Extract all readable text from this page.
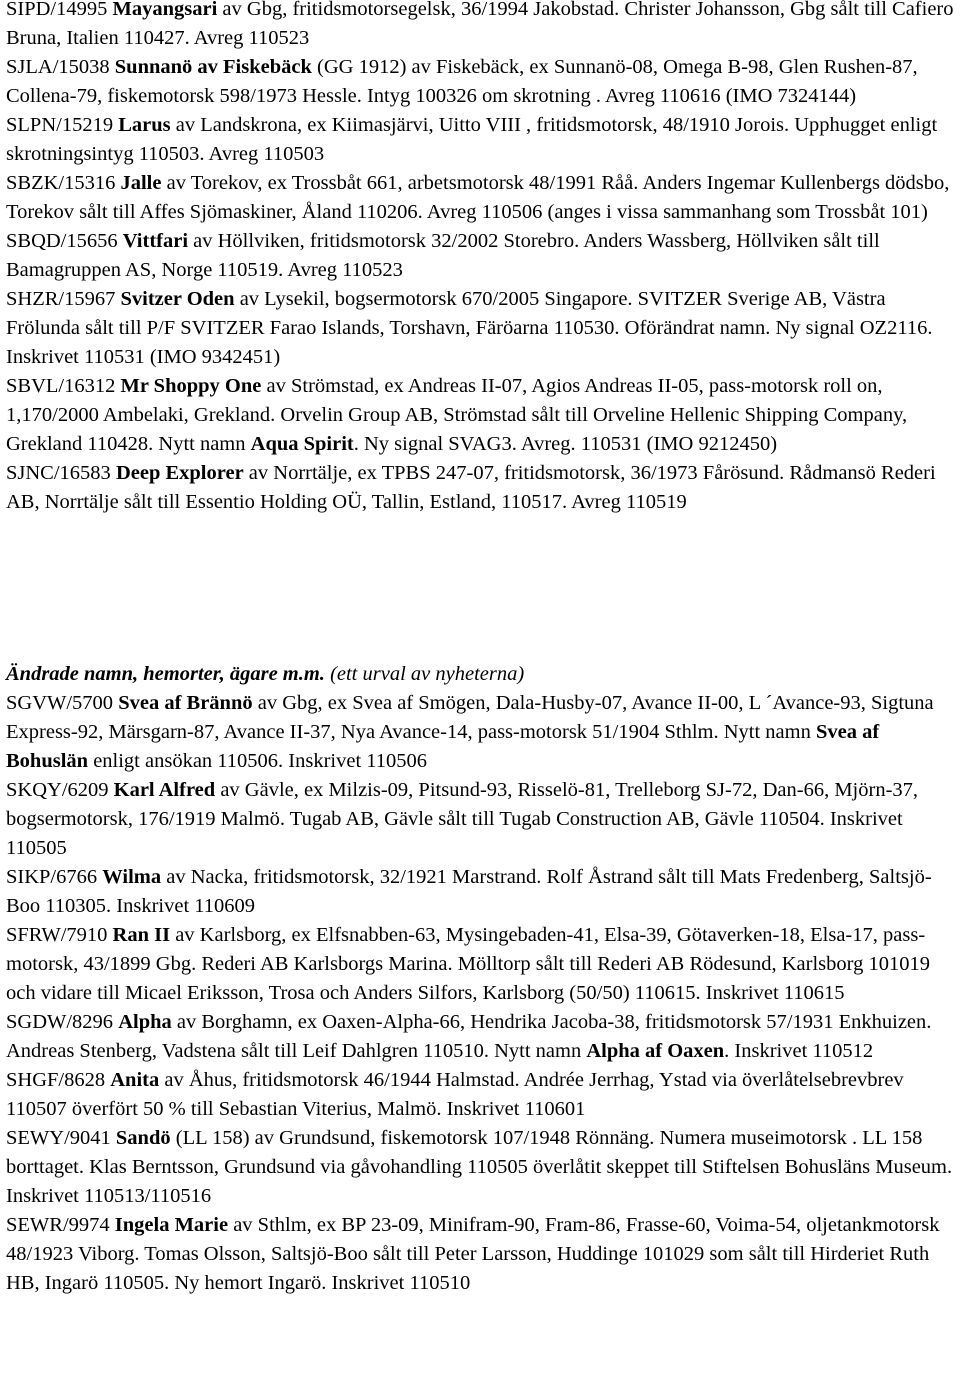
SIPD/14995 Mayangsari av Gbg, fritidsmotorsegelsk, 36/1994 Jakobstad. Christer Johansson, Gbg sålt till Cafiero Bruna, Italien 110427. Avreg 110523
SJLA/15038 Sunnanö av Fiskebäck (GG 1912) av Fiskebäck, ex Sunnanö-08, Omega B-98, Glen Rushen-87, Collena-79, fiskemotorsk 598/1973 Hessle. Intyg 100326 om skrotning . Avreg 110616 (IMO 7324144)
SLPN/15219 Larus av Landskrona, ex Kiimasjärvi, Uitto VIII , fritidsmotorsk, 48/1910 Jorois. Upphugget enligt skrotningsintyg 110503. Avreg 110503
SBZK/15316 Jalle av Torekov, ex Trossbåt 661, arbetsmotorsk 48/1991 Råå. Anders Ingemar Kullenbergs dödsbo, Torekov sålt till Affes Sjömaskiner, Åland 110206. Avreg 110506 (anges i vissa sammanhang som Trossbåt 101)
SBQD/15656 Vittfari av Höllviken, fritidsmotorsk 32/2002 Storebro. Anders Wassberg, Höllviken sålt till Bamagruppen AS, Norge 110519. Avreg 110523
SHZR/15967 Svitzer Oden av Lysekil, bogsermotorsk 670/2005 Singapore. SVITZER Sverige AB, Västra Frölunda sålt till P/F SVITZER Farao Islands, Torshavn, Färöarna 110530. Oförändrat namn. Ny signal OZ2116. Inskrivet 110531 (IMO 9342451)
SBVL/16312 Mr Shoppy One av Strömstad, ex Andreas II-07, Agios Andreas II-05, pass-motorsk roll on, 1,170/2000 Ambelaki, Grekland. Orvelin Group AB, Strömstad sålt till Orveline Hellenic Shipping Company, Grekland 110428. Nytt namn Aqua Spirit. Ny signal SVAG3. Avreg. 110531 (IMO 9212450)
SJNC/16583 Deep Explorer av Norrtälje, ex TPBS 247-07, fritidsmotorsk, 36/1973 Fårösund. Rådmansö Rederi AB, Norrtälje sålt till Essentio Holding OÜ, Tallin, Estland, 110517. Avreg 110519
Ändrade namn, hemorter, ägare m.m. (ett urval av nyheterna)
SGVW/5700 Svea af Brännö av Gbg, ex Svea af Smögen, Dala-Husby-07, Avance II-00, L ´Avance-93, Sigtuna Express-92, Märsgarn-87, Avance II-37, Nya Avance-14, pass-motorsk 51/1904 Sthlm. Nytt namn Svea af Bohuslän enligt ansökan 110506. Inskrivet 110506
SKQY/6209 Karl Alfred av Gävle, ex Milzis-09, Pitsund-93, Risselö-81, Trelleborg SJ-72, Dan-66, Mjörn-37, bogsermotorsk, 176/1919 Malmö. Tugab AB, Gävle sålt till Tugab Construction AB, Gävle 110504. Inskrivet 110505
SIKP/6766 Wilma av Nacka, fritidsmotorsk, 32/1921 Marstrand. Rolf Åstrand sålt till Mats Fredenberg, Saltsjö-Boo 110305. Inskrivet 110609
SFRW/7910 Ran II av Karlsborg, ex Elfsnabben-63, Mysingebaden-41, Elsa-39, Götaverken-18, Elsa-17, pass-motorsk, 43/1899 Gbg. Rederi AB Karlsborgs Marina. Mölltorp sålt till Rederi AB Rödesund, Karlsborg 101019 och vidare till Micael Eriksson, Trosa och Anders Silfors, Karlsborg (50/50) 110615. Inskrivet 110615
SGDW/8296 Alpha av Borghamn, ex Oaxen-Alpha-66, Hendrika Jacoba-38, fritidsmotorsk 57/1931 Enkhuizen. Andreas Stenberg, Vadstena sålt till Leif Dahlgren 110510. Nytt namn Alpha af Oaxen. Inskrivet 110512
SHGF/8628 Anita av Åhus, fritidsmotorsk 46/1944 Halmstad. Andrée Jerrhag, Ystad via överlåtelsebrevbrev 110507 överfört 50 % till Sebastian Viterius, Malmö. Inskrivet 110601
SEWY/9041 Sandö (LL 158) av Grundsund, fiskemotorsk 107/1948 Rönnäng. Numera museimotorsk . LL 158 borttaget. Klas Berntsson, Grundsund via gåvohandling 110505 överlåtit skeppet till Stiftelsen Bohusläns Museum. Inskrivet 110513/110516
SEWR/9974 Ingela Marie av Sthlm, ex BP 23-09, Minifram-90, Fram-86, Frasse-60, Voima-54, oljetankmotorsk 48/1923 Viborg. Tomas Olsson, Saltsjö-Boo sålt till Peter Larsson, Huddinge 101029 som sålt till Hirderiet Ruth HB, Ingarö 110505. Ny hemort Ingarö. Inskrivet 110510
